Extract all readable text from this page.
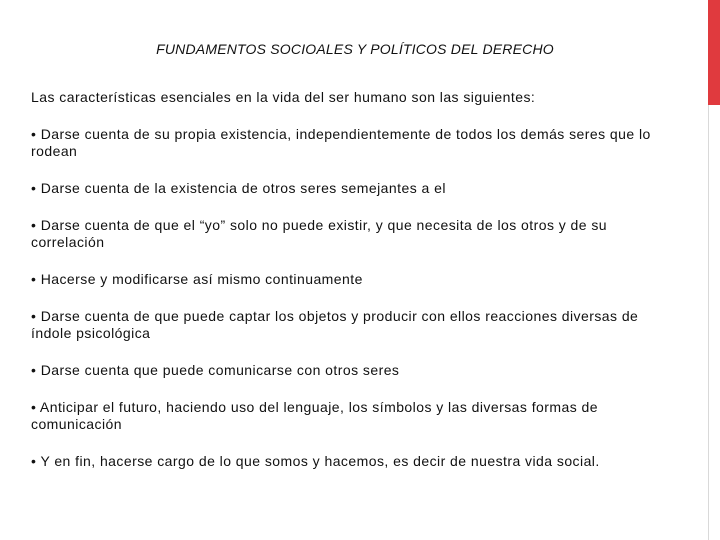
FUNDAMENTOS SOCIOALES Y POLÍTICOS DEL DERECHO

Las características esenciales en la vida del ser humano son las siguientes:

• Darse cuenta de su propia existencia, independientemente de todos los demás seres que lo rodean
• Darse cuenta de la existencia de otros seres semejantes a el
• Darse cuenta de que el “yo” solo no puede existir, y que necesita de los otros y de su correlación
• Hacerse y modificarse así mismo continuamente
• Darse cuenta de que puede captar los objetos y producir con ellos reacciones diversas de índole psicológica
• Darse cuenta que puede comunicarse con otros seres
• Anticipar el futuro, haciendo uso del lenguaje, los símbolos y las diversas formas de comunicación
• Y en fin, hacerse cargo de lo que somos y hacemos, es decir de nuestra vida social.
